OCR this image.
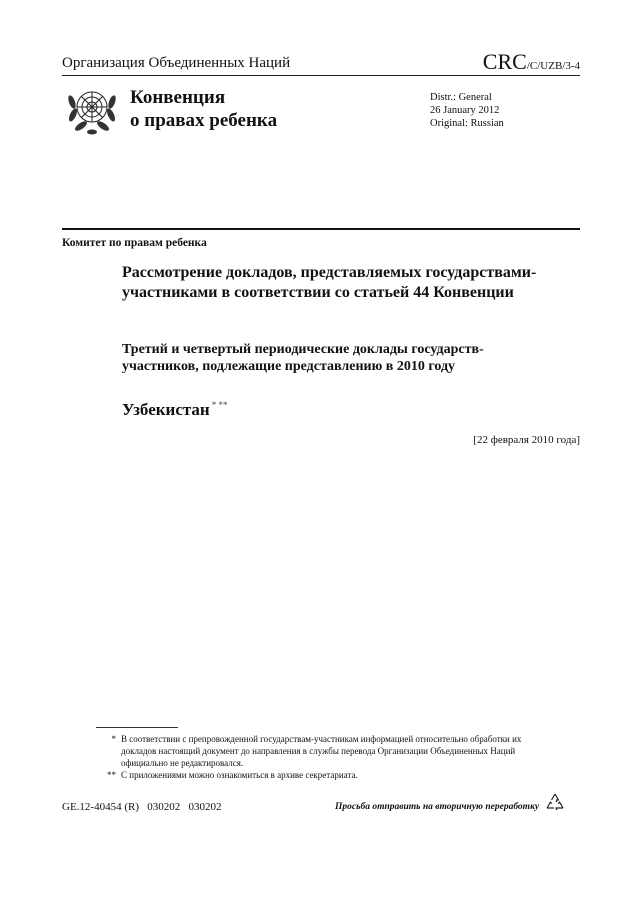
Организация Объединенных Наций	CRC/C/UZB/3-4
Конвенция
о правах ребенка
Distr.: General
26 January 2012
Original: Russian
Комитет по правам ребенка
Рассмотрение докладов, представляемых государствами-участниками в соответствии со статьей 44 Конвенции
Третий и четвертый периодические доклады государств-участников, подлежащие представлению в 2010 году
Узбекистан * **
[22 февраля 2010 года]
* В соответствии с препровожденной государствам-участникам информацией относительно обработки их докладов настоящий документ до направления в службы перевода Организации Объединенных Наций официально не редактировался.
** С приложениями можно ознакомиться в архиве секретариата.
GE.12-40454 (R)   030202   030202	Просьба отправить на вторичную переработку
